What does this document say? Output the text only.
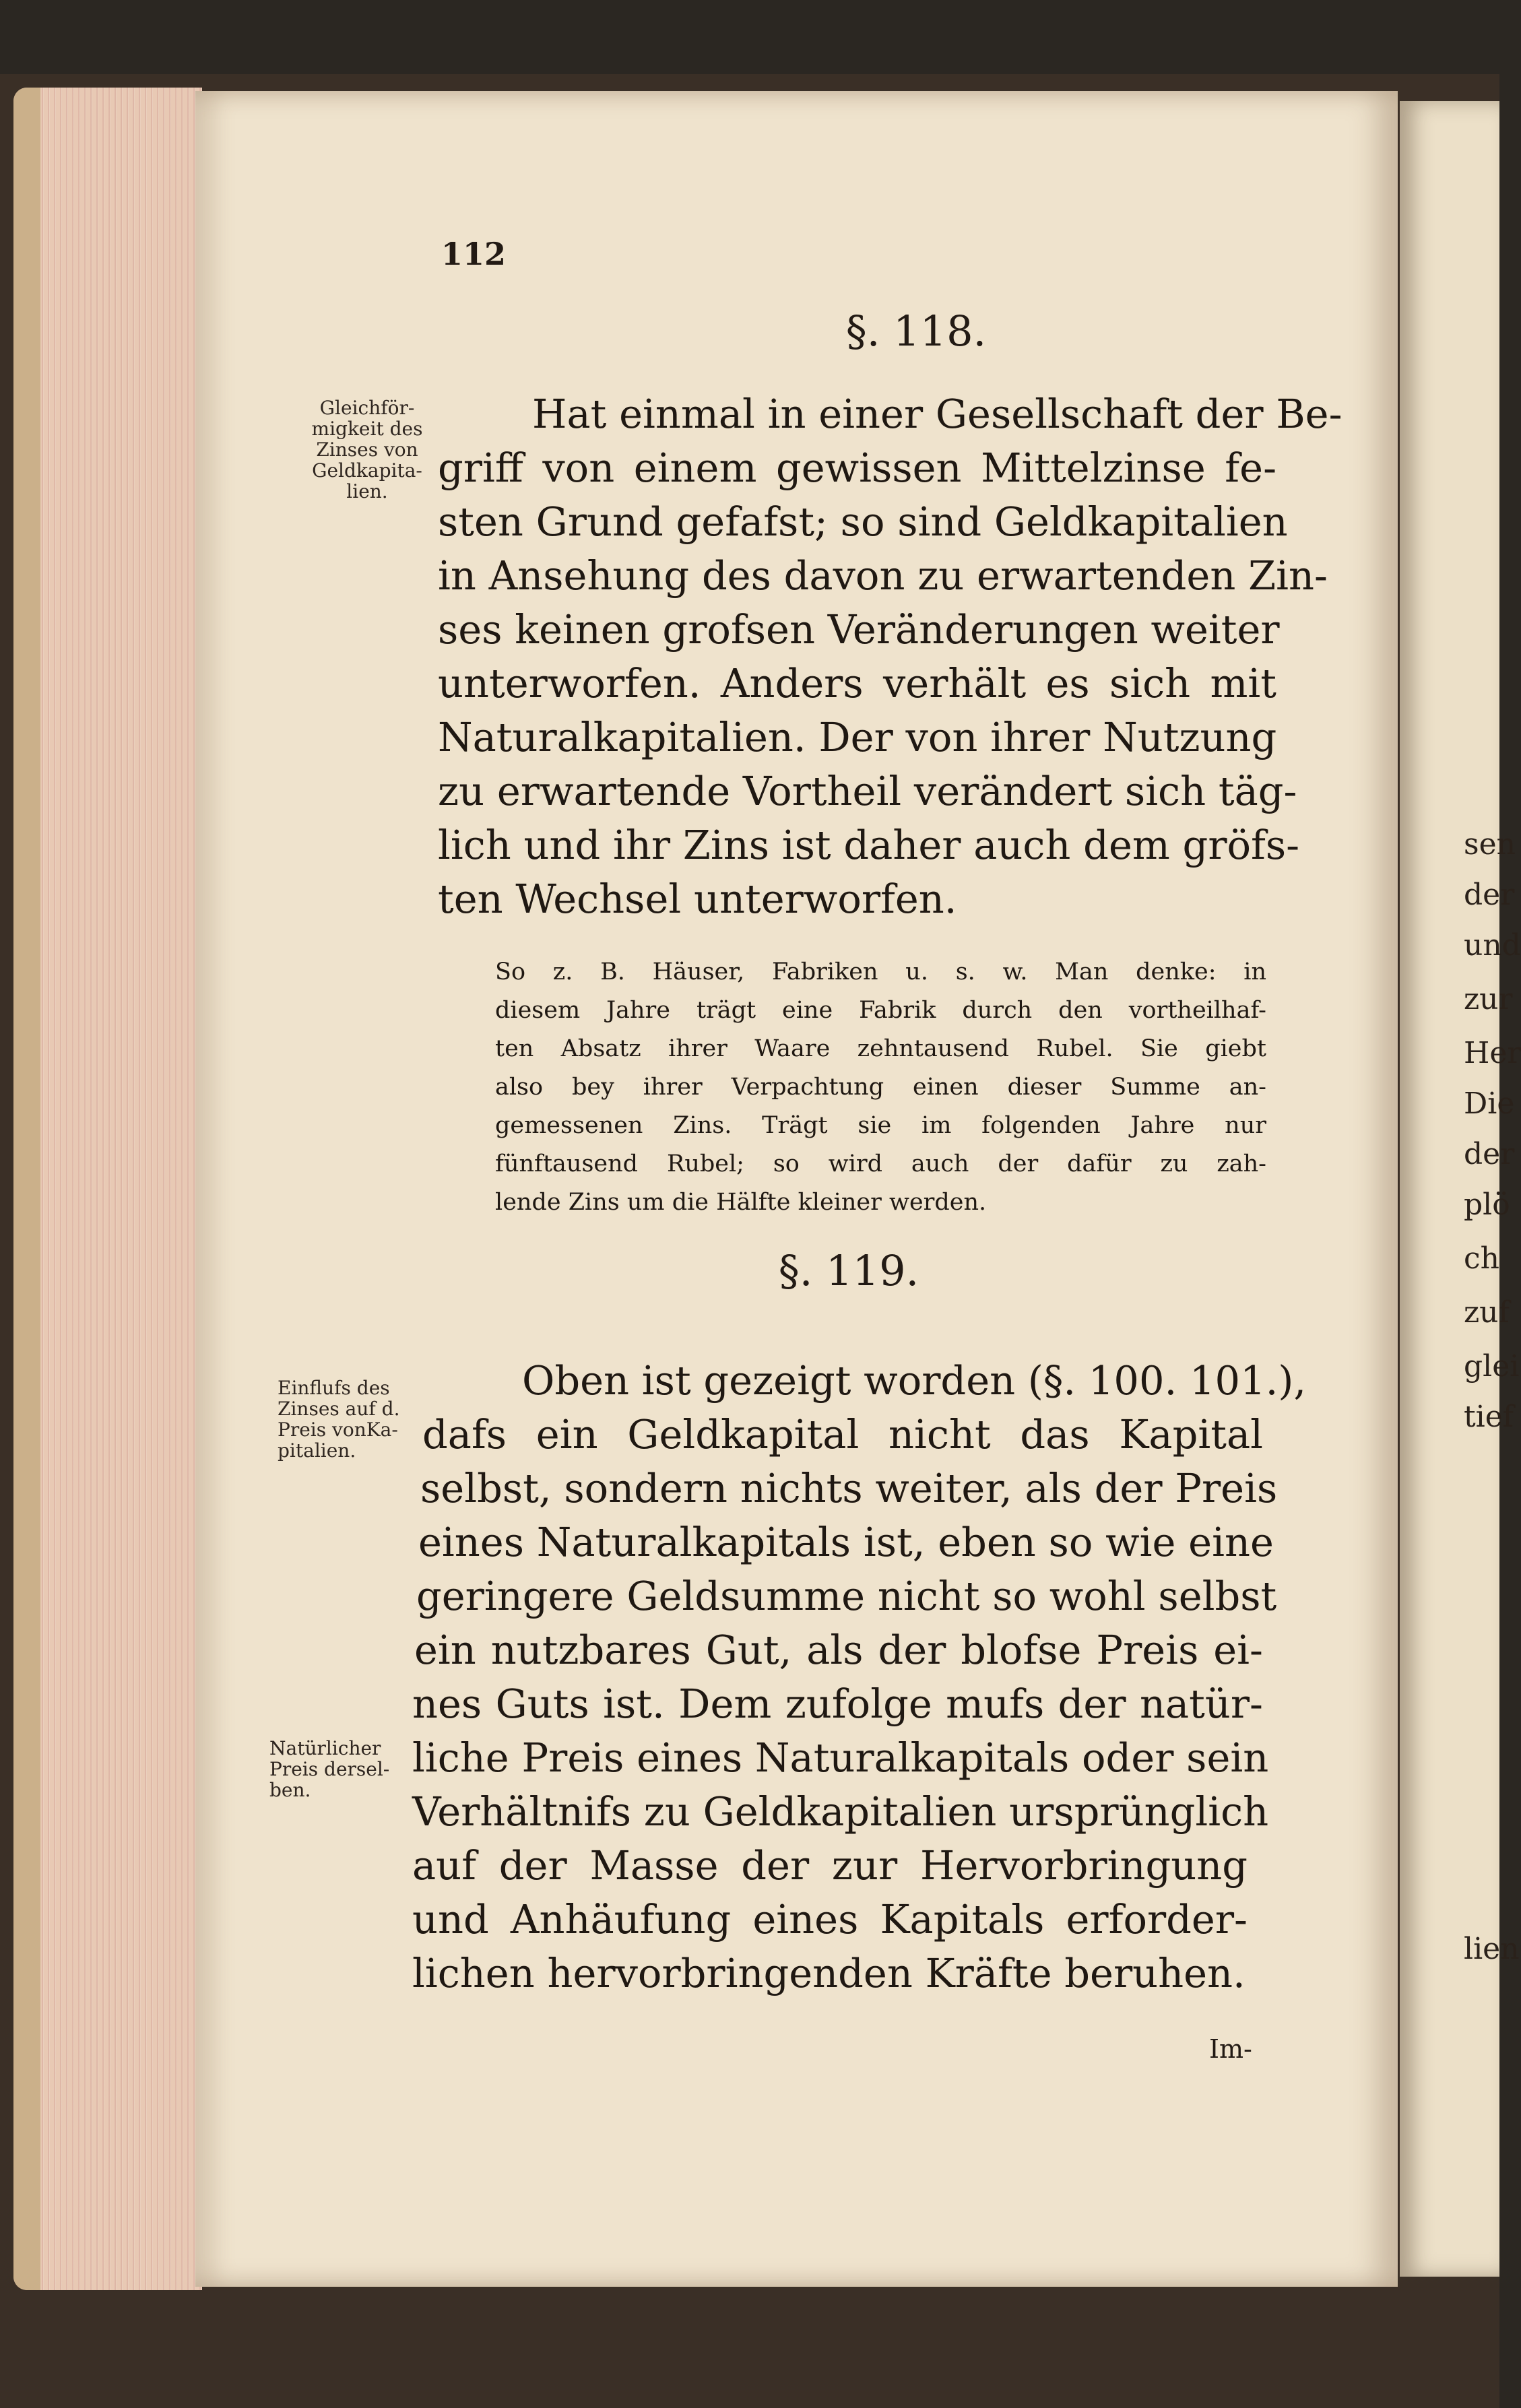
sen
der
und
zur
Her
Die
der
plö
ch
zuf
glei
tief
lien
112
§. 118.
Gleichför-
migkeit des
Zinses von
Geldkapita-
lien.
Hat einmal in einer Gesellschaft der Be-
griff von einem gewissen Mittelzinse fe-
sten Grund gefafst; so sind Geldkapitalien
in Ansehung des davon zu erwartenden Zin-
ses keinen grofsen Veränderungen weiter
unterworfen. Anders verhält es sich mit
Naturalkapitalien. Der von ihrer Nutzung
zu erwartende Vortheil verändert sich täg-
lich und ihr Zins ist daher auch dem gröfs-
ten Wechsel unterworfen.
So z. B. Häuser, Fabriken u. s. w. Man denke: in
diesem Jahre trägt eine Fabrik durch den vortheilhaf-
ten Absatz ihrer Waare zehntausend Rubel. Sie giebt
also bey ihrer Verpachtung einen dieser Summe an-
gemessenen Zins. Trägt sie im folgenden Jahre nur
fünftausend Rubel; so wird auch der dafür zu zah-
lende Zins um die Hälfte kleiner werden.
§. 119.
Einflufs des
Zinses auf d.
Preis vonKa-
pitalien.
Natürlicher
Preis dersel-
ben.
Oben ist gezeigt worden (§. 100. 101.),
dafs ein Geldkapital nicht das Kapital
selbst, sondern nichts weiter, als der Preis
eines Naturalkapitals ist, eben so wie eine
geringere Geldsumme nicht so wohl selbst
ein nutzbares Gut, als der blofse Preis ei-
nes Guts ist. Dem zufolge mufs der natür-
liche Preis eines Naturalkapitals oder sein
Verhältnifs zu Geldkapitalien ursprünglich
auf der Masse der zur Hervorbringung
und Anhäufung eines Kapitals erforder-
lichen hervorbringenden Kräfte beruhen.
Im-
